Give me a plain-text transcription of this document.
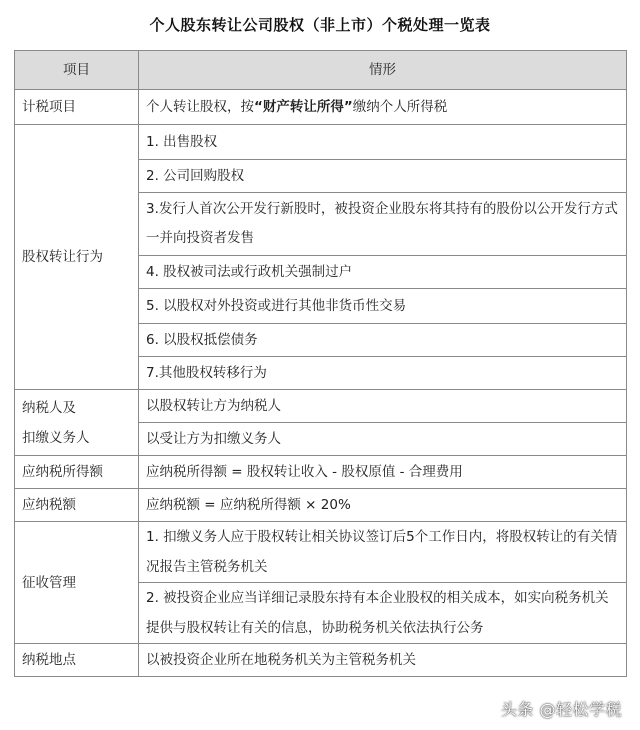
个人股东转让公司股权（非上市）个税处理一览表
项目	情形
计税项目	个人转让股权，按“财产转让所得”缴纳个人所得税
股权转让行为	1. 出售股权
	2. 公司回购股权
	3.发行人首次公开发行新股时，被投资企业股东将其持有的股份以公开发行方式一并向投资者发售
	4. 股权被司法或行政机关强制过户
	5. 以股权对外投资或进行其他非货币性交易
	6. 以股权抵偿债务
	7.其他股权转移行为

纳税人及
扣缴义务人	以股权转让方为纳税人
	以受让方为扣缴义务人
应纳税所得额	应纳税所得额 = 股权转让收入 - 股权原值 - 合理费用
应纳税额	应纳税额 = 应纳税所得额 × 20%
征收管理	1. 扣缴义务人应于股权转让相关协议签订后5个工作日内，将股权转让的有关情况报告主管税务机关
	2. 被投资企业应当详细记录股东持有本企业股权的相关成本，如实向税务机关提供与股权转让有关的信息，协助税务机关依法执行公务
纳税地点	以被投资企业所在地税务机关为主管税务机关
头条 @轻松学税
